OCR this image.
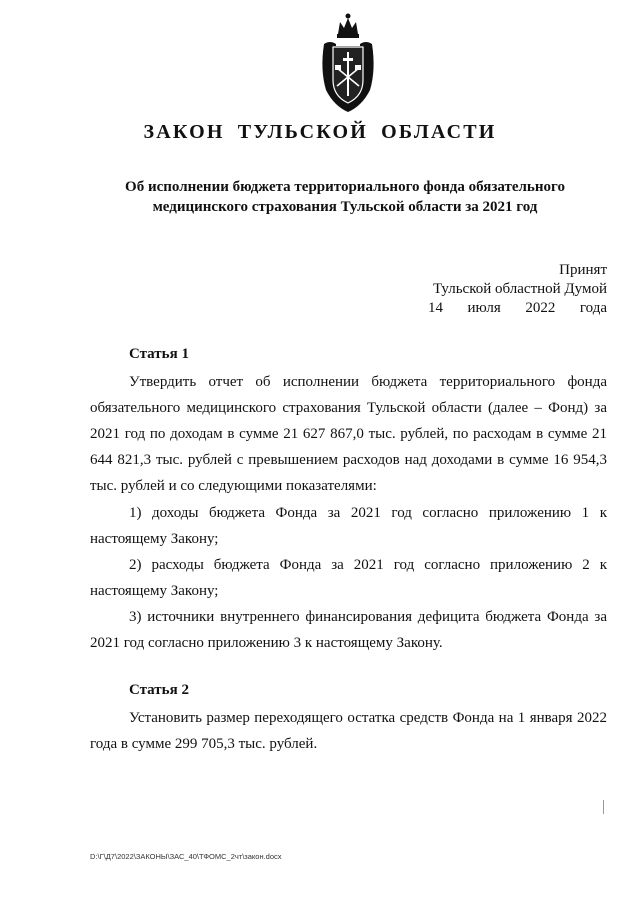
ЗАКОН ТУЛЬСКОЙ ОБЛАСТИ
Об исполнении бюджета территориального фонда обязательного
медицинского страхования Тульской области за 2021 год
Принят
Тульской областной Думой
14 июля 2022 года
Статья 1

Утвердить отчет об исполнении бюджета территориального фонда обязательного медицинского страхования Тульской области (далее – Фонд) за 2021 год по доходам в сумме 21 627 867,0 тыс. рублей, по расходам в сумме 21 644 821,3 тыс. рублей с превышением расходов над доходами в сумме 16 954,3 тыс. рублей и со следующими показателями:

1) доходы бюджета Фонда за 2021 год согласно приложению 1 к настоящему Закону;

2) расходы бюджета Фонда за 2021 год согласно приложению 2 к настоящему Закону;

3) источники внутреннего финансирования дефицита бюджета Фонда за 2021 год согласно приложению 3 к настоящему Закону.

Статья 2

Установить размер переходящего остатка средств Фонда на 1 января 2022 года в сумме 299 705,3 тыс. рублей.

D:\Г\Д7\2022\ЗАКОНЫ\ЗАС_40\ТФОМС_2чт\закон.docx
